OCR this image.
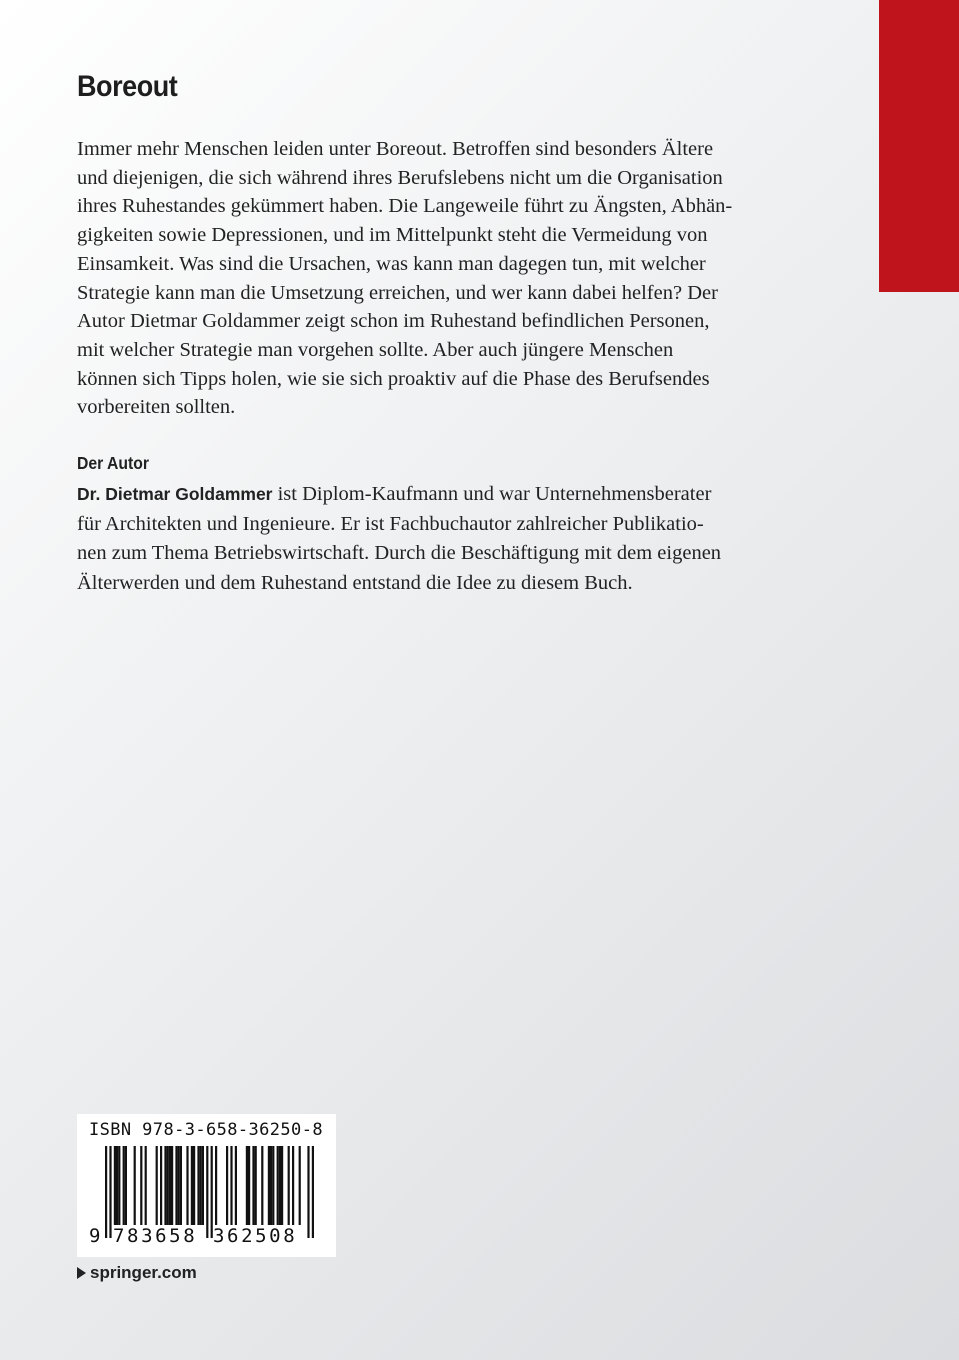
Boreout

Immer mehr Menschen leiden unter Boreout. Betroffen sind besonders Ältere
und diejenigen, die sich während ihres Berufslebens nicht um die Organisation
ihres Ruhestandes gekümmert haben. Die Langeweile führt zu Ängsten, Abhän-
gigkeiten sowie Depressionen, und im Mittelpunkt steht die Vermeidung von
Einsamkeit. Was sind die Ursachen, was kann man dagegen tun, mit welcher
Strategie kann man die Umsetzung erreichen, und wer kann dabei helfen? Der
Autor Dietmar Goldammer zeigt schon im Ruhestand befindlichen Personen,
mit welcher Strategie man vorgehen sollte. Aber auch jüngere Menschen
können sich Tipps holen, wie sie sich proaktiv auf die Phase des Berufsendes
vorbereiten sollten.

Der Autor

Dr. Dietmar Goldammer ist Diplom-Kaufmann und war Unternehmensberater
für Architekten und Ingenieure. Er ist Fachbuchautor zahlreicher Publikatio-
nen zum Thema Betriebswirtschaft. Durch die Beschäftigung mit dem eigenen
Älterwerden und dem Ruhestand entstand die Idee zu diesem Buch.

ISBN 978-3-658-36250-8
9 783658 362508
springer.com
